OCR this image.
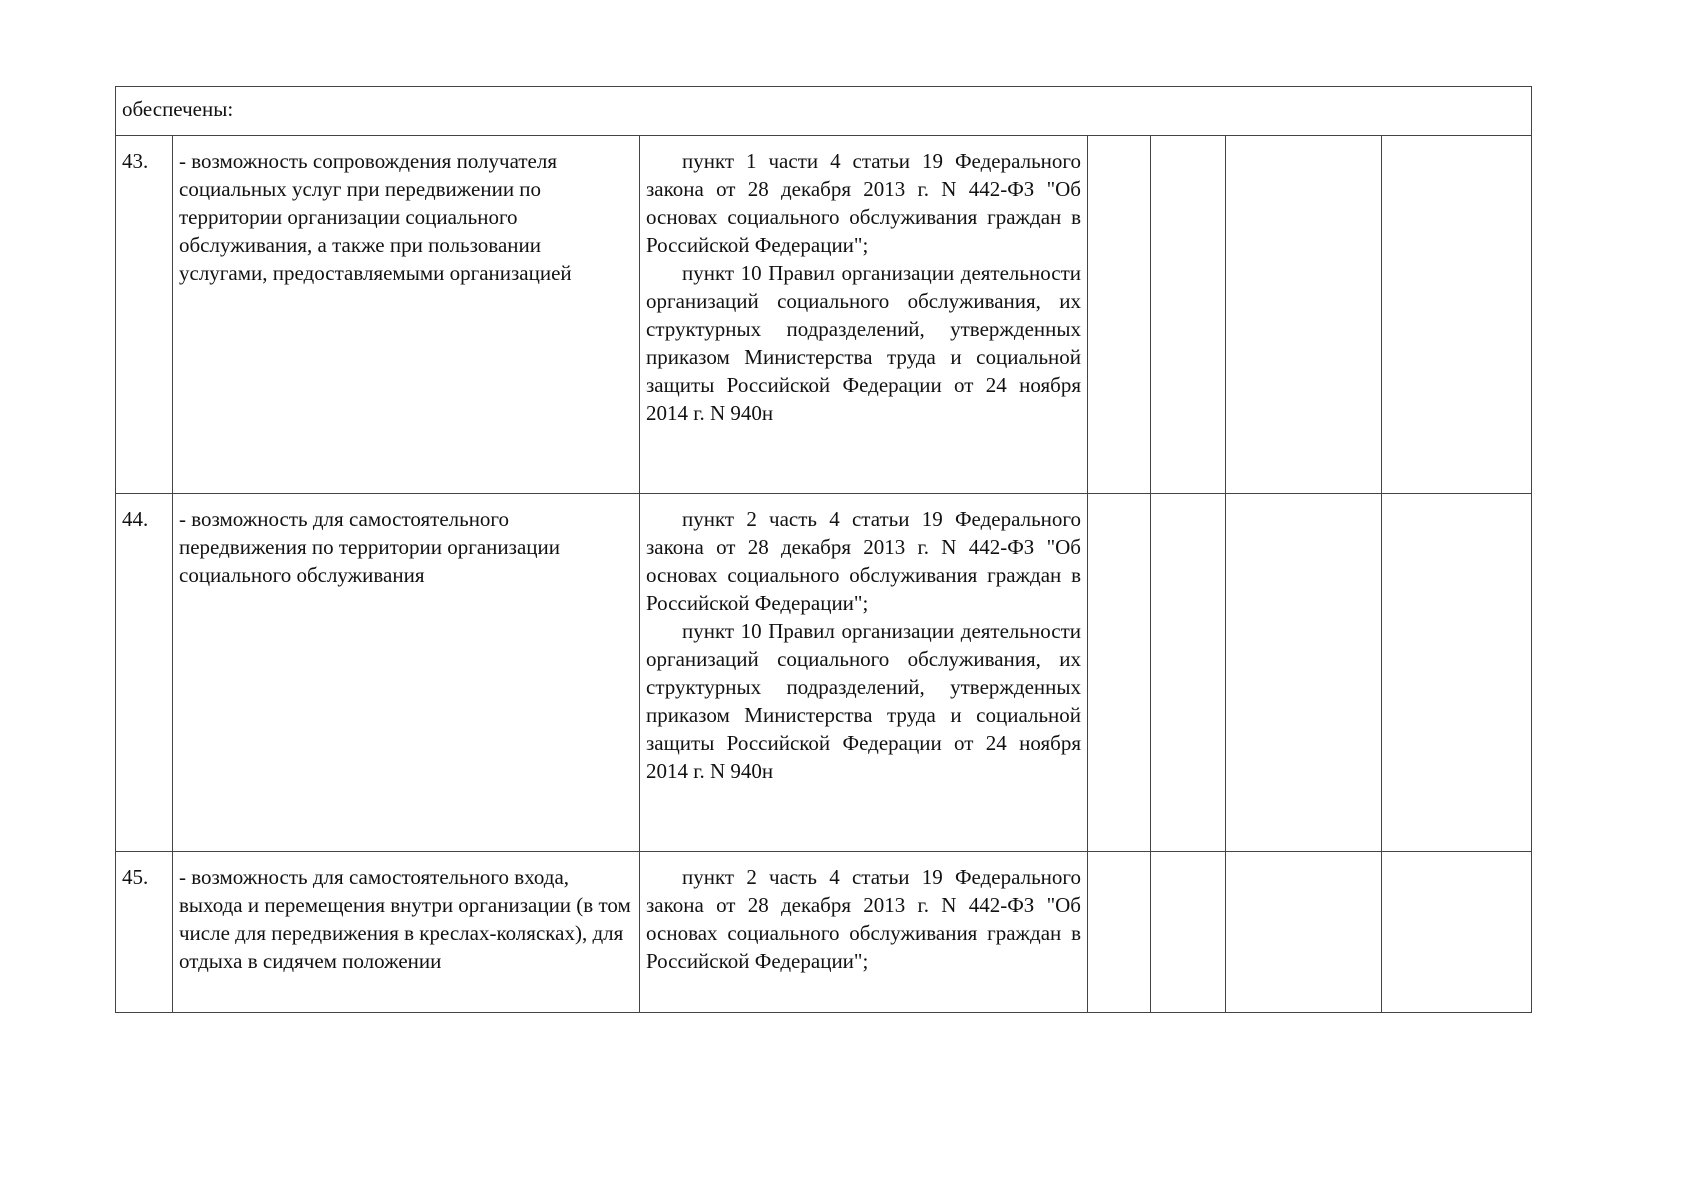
обеспечены:						
43.	- возможность сопровождения получателя социальных услуг при передвижении по территории организации социального обслуживания, а также при пользовании услугами, предоставляемыми организацией	пункт 1 части 4 статьи 19 Федерального закона от 28 декабря 2013 г. N 442-ФЗ "Об основах социального обслуживания граждан в Российской Федерации";

пункт 10 Правил организации деятельности организаций социального обслуживания, их структурных подразделений, утвержденных приказом Министерства труда и социальной защиты Российской Федерации от 24 ноября 2014 г. N 940н				

44.	- возможность для самостоятельного передвижения по территории организации социального обслуживания	пункт 2 часть 4 статьи 19 Федерального закона от 28 декабря 2013 г. N 442-ФЗ "Об основах социального обслуживания граждан в Российской Федерации";

пункт 10 Правил организации деятельности организаций социального обслуживания, их структурных подразделений, утвержденных приказом Министерства труда и социальной защиты Российской Федерации от 24 ноября 2014 г. N 940н				

45.	- возможность для самостоятельного входа, выхода и перемещения внутри организации (в том числе для передвижения в креслах-колясках), для отдыха в сидячем положении	пункт 2 часть 4 статьи 19 Федерального закона от 28 декабря 2013 г. N 442-ФЗ "Об основах социального обслуживания граждан в Российской Федерации";				
